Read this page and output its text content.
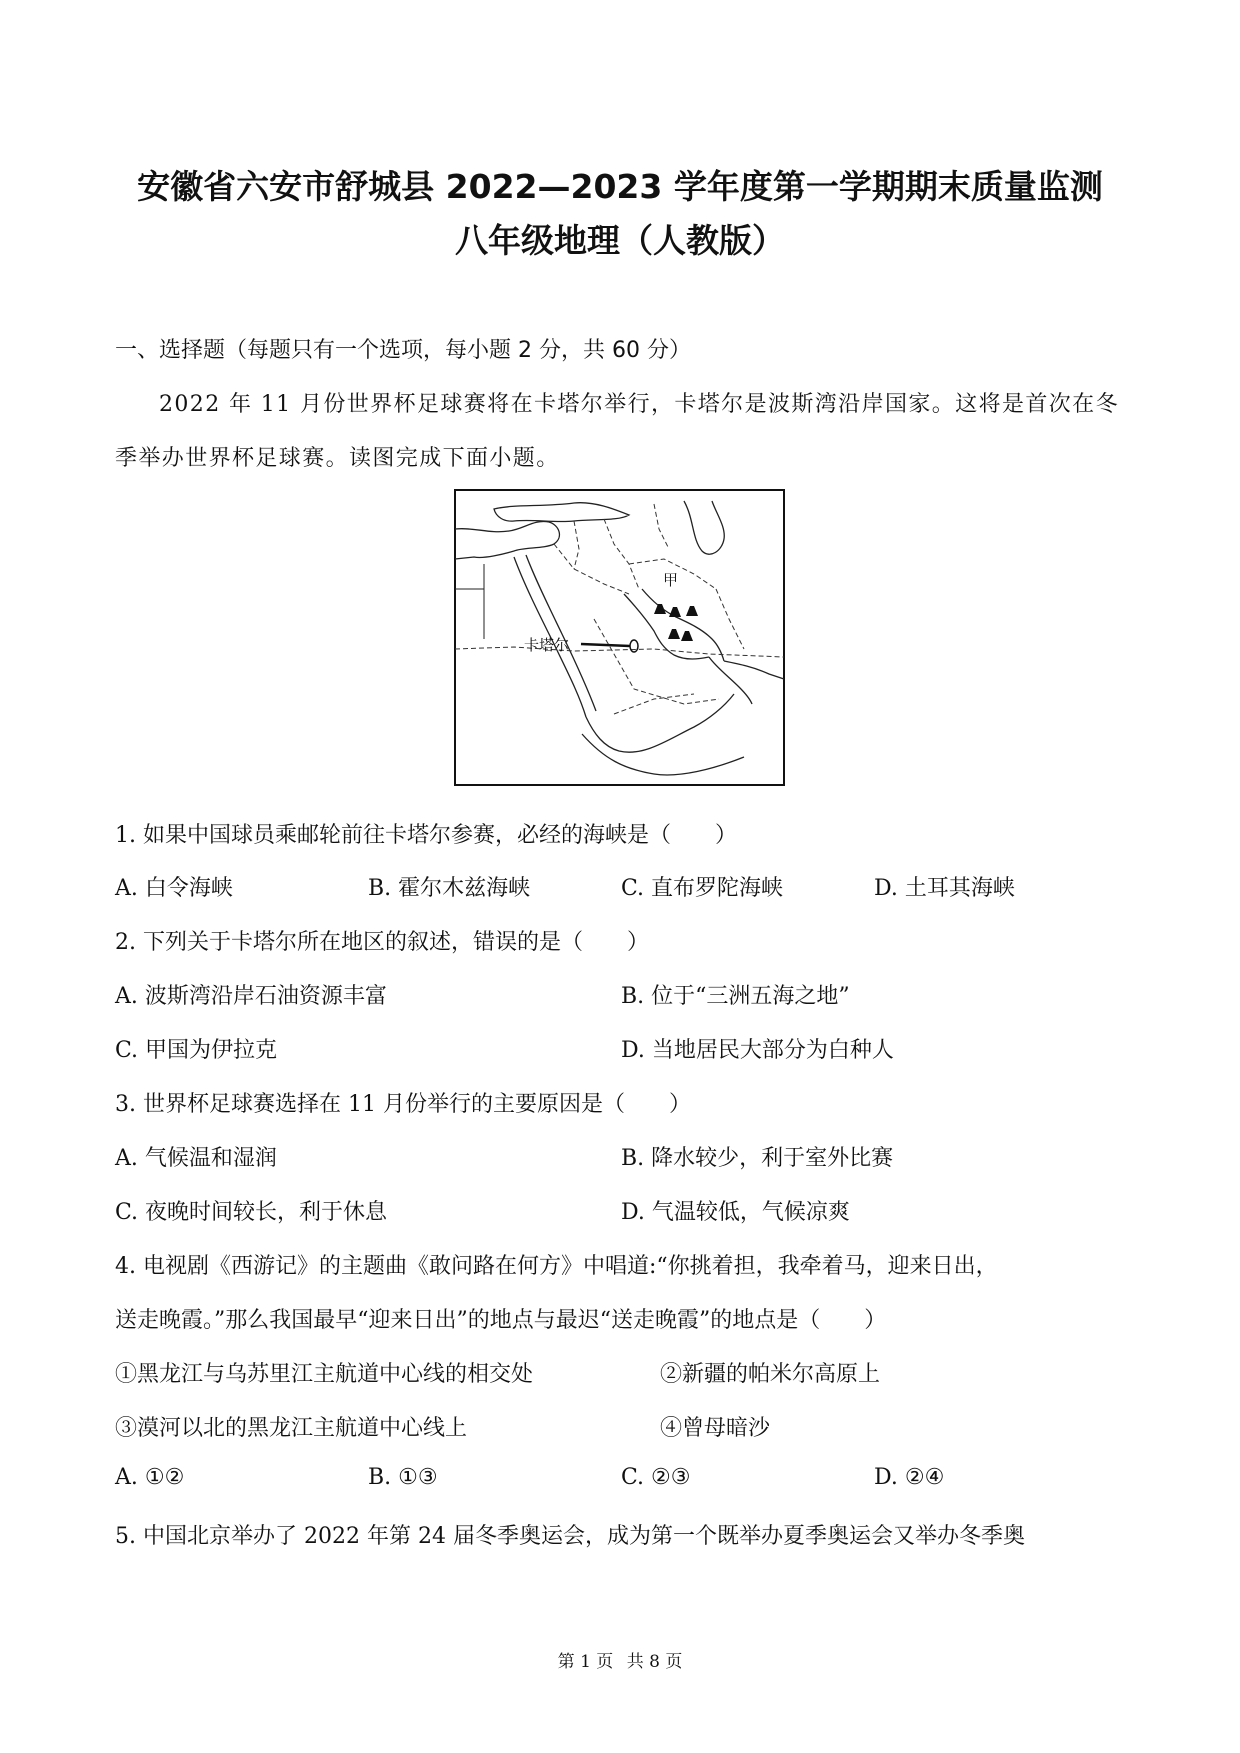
安徽省六安市舒城县 2022—2023 学年度第一学期期末质量监测
八年级地理（人教版）
一、选择题（每题只有一个选项，每小题 2 分，共 60 分）
2022 年 11 月份世界杯足球赛将在卡塔尔举行，卡塔尔是波斯湾沿岸国家。这将是首次在冬季举办世界杯足球赛。读图完成下面小题。
甲
卡塔尔
1. 如果中国球员乘邮轮前往卡塔尔参赛，必经的海峡是（　　）
A. 白令海峡	B. 霍尔木兹海峡	C. 直布罗陀海峡	D. 土耳其海峡
2. 下列关于卡塔尔所在地区的叙述，错误的是（　　）
A. 波斯湾沿岸石油资源丰富	B. 位于“三洲五海之地”
C. 甲国为伊拉克	D. 当地居民大部分为白种人
3. 世界杯足球赛选择在 11 月份举行的主要原因是（　　）
A. 气候温和湿润	B. 降水较少，利于室外比赛
C. 夜晚时间较长，利于休息	D. 气温较低，气候凉爽
4. 电视剧《西游记》的主题曲《敢问路在何方》中唱道:“你挑着担，我牵着马，迎来日出，
送走晚霞。”那么我国最早“迎来日出”的地点与最迟“送走晚霞”的地点是（　　）
①黑龙江与乌苏里江主航道中心线的相交处	②新疆的帕米尔高原上
③漠河以北的黑龙江主航道中心线上	④曾母暗沙
A. ①②	B. ①③	C. ②③	D. ②④
5. 中国北京举办了 2022 年第 24 届冬季奥运会，成为第一个既举办夏季奥运会又举办冬季奥
第 1 页 共 8 页
